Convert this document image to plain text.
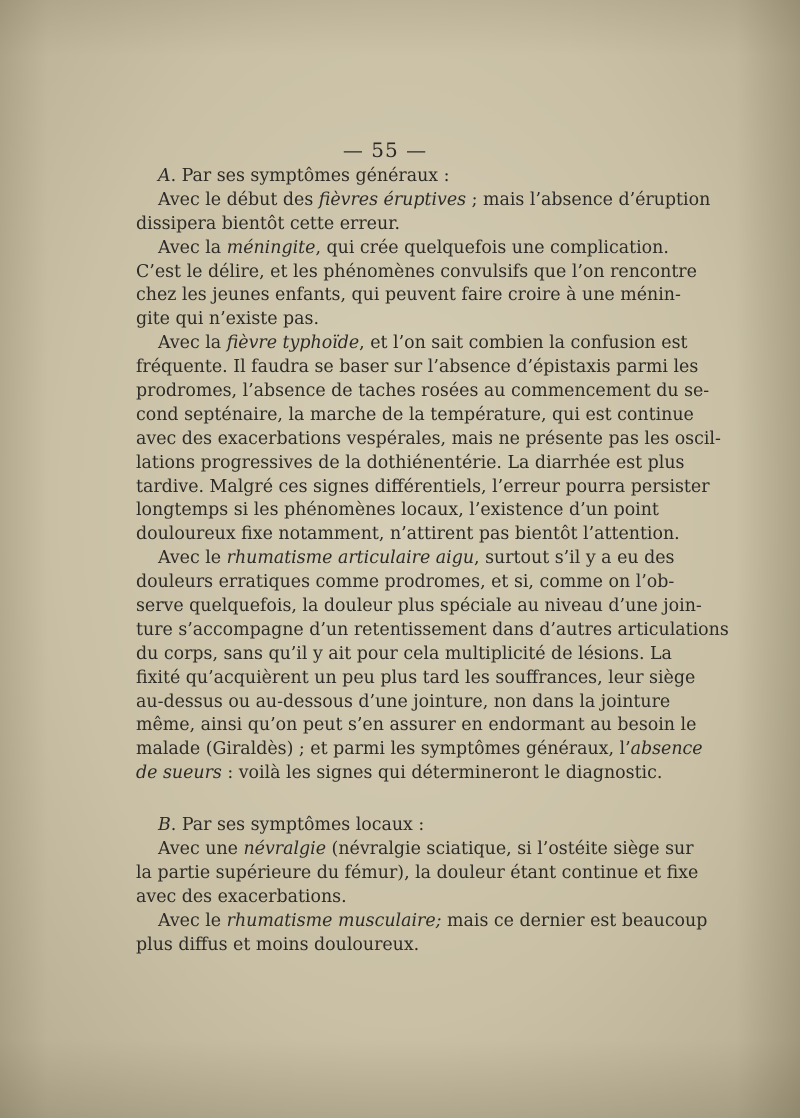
— 55 —
A. Par ses symptômes généraux :
Avec le début des fièvres éruptives ; mais l’absence d’éruption
dissipera bientôt cette erreur.
Avec la méningite, qui crée quelquefois une complication.
C’est le délire, et les phénomènes convulsifs que l’on rencontre
chez les jeunes enfants, qui peuvent faire croire à une ménin-
gite qui n’existe pas.
Avec la fièvre typhoïde, et l’on sait combien la confusion est
fréquente. Il faudra se baser sur l’absence d’épistaxis parmi les
prodromes, l’absence de taches rosées au commencement du se-
cond septénaire, la marche de la température, qui est continue
avec des exacerbations vespérales, mais ne présente pas les oscil-
lations progressives de la dothiénentérie. La diarrhée est plus
tardive. Malgré ces signes différentiels, l’erreur pourra persister
longtemps si les phénomènes locaux, l’existence d’un point
douloureux fixe notamment, n’attirent pas bientôt l’attention.
Avec le rhumatisme articulaire aigu, surtout s’il y a eu des
douleurs erratiques comme prodromes, et si, comme on l’ob-
serve quelquefois, la douleur plus spéciale au niveau d’une join-
ture s’accompagne d’un retentissement dans d’autres articulations
du corps, sans qu’il y ait pour cela multiplicité de lésions. La
fixité qu’acquièrent un peu plus tard les souffrances, leur siège
au-dessus ou au-dessous d’une jointure, non dans la jointure
même, ainsi qu’on peut s’en assurer en endormant au besoin le
malade (Giraldès) ; et parmi les symptômes généraux, l’absence
de sueurs : voilà les signes qui détermineront le diagnostic.
B. Par ses symptômes locaux :
Avec une névralgie (névralgie sciatique, si l’ostéite siège sur
la partie supérieure du fémur), la douleur étant continue et fixe
avec des exacerbations.
Avec le rhumatisme musculaire; mais ce dernier est beaucoup
plus diffus et moins douloureux.
